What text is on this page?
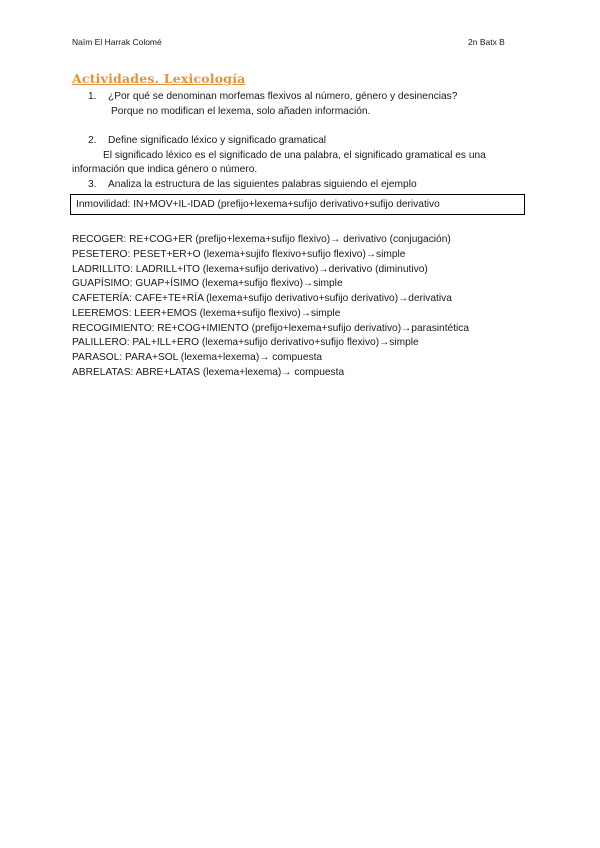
Naïm El Harrak Colomé	2n Batx B
Actividades. Lexicología
1. ¿Por qué se denominan morfemas flexivos al número, género y desinencias?
Porque no modifican el lexema, solo añaden información.
2. Define significado léxico y significado gramatical
El significado léxico es el significado de una palabra, el significado gramatical es una
información que indica género o número.
3. Analiza la estructura de las siguientes palabras siguiendo el ejemplo
Inmovilidad: IN+MOV+IL-IDAD (prefijo+lexema+sufijo derivativo+sufijo derivativo
RECOGER: RE+COG+ER (prefijo+lexema+sufijo flexivo)→ derivativo (conjugación)
PESETERO: PESET+ER+O (lexema+sujifo flexivo+sufijo flexivo)→simple
LADRILLITO: LADRILL+ITO (lexema+sufijo derivativo)→derivativo (diminutivo)
GUAPÍSIMO: GUAP+ÍSIMO (lexema+sufijo flexivo)→simple
CAFETERÍA: CAFE+TE+RÍA (lexema+sufijo derivativo+sufijo derivativo)→derivativa
LEEREMOS: LEER+EMOS (lexema+sufijo flexivo)→simple
RECOGIMIENTO: RE+COG+IMIENTO (prefijo+lexema+sufijo derivativo)→parasintética
PALILLERO: PAL+ILL+ERO (lexema+sufijo derivativo+sufijo flexivo)→simple
PARASOL: PARA+SOL (lexema+lexema)→ compuesta
ABRELATAS: ABRE+LATAS (lexema+lexema)→ compuesta
